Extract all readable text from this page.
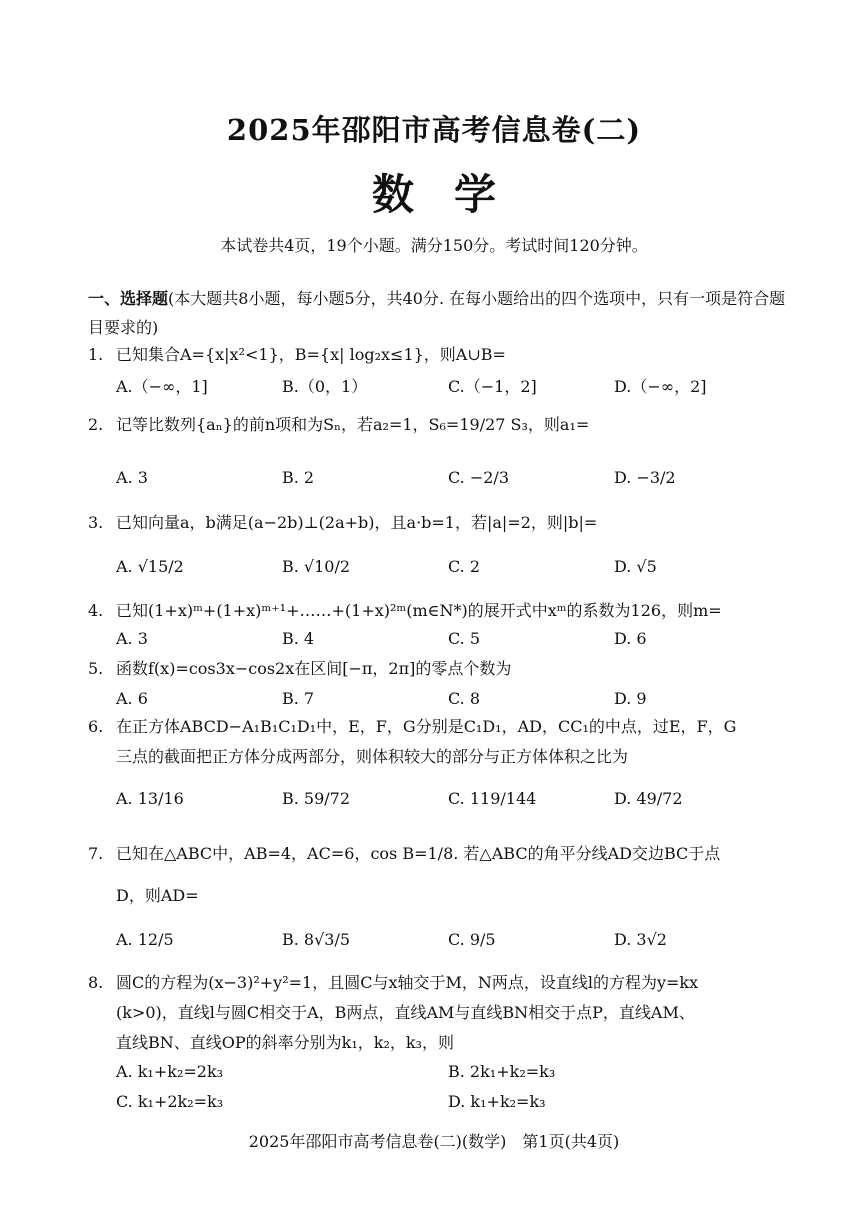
2025年邵阳市高考信息卷(二)
数学
本试卷共4页，19个小题。满分150分。考试时间120分钟。
一、选择题(本大题共8小题，每小题5分，共40分. 在每小题给出的四个选项中，只有一项是符合题目要求的)
1. 已知集合A={x|x²<1}，B={x| log₂x≤1}，则A∪B=
A.（−∞，1]	B.（0，1）	C.（−1，2]	D.（−∞，2]
2. 记等比数列{aₙ}的前n项和为Sₙ，若a₂=1，S₆=19/27 S₃，则a₁=
A. 3	B. 2	C. −2/3	D. −3/2
3. 已知向量a，b满足(a−2b)⊥(2a+b)，且a·b=1，若|a|=2，则|b|=
A. √15/2	B. √10/2	C. 2	D. √5
4. 已知(1+x)ᵐ+(1+x)ᵐ⁺¹+……+(1+x)²ᵐ(m∈N*)的展开式中xᵐ的系数为126，则m=
A. 3	B. 4	C. 5	D. 6
5. 函数f(x)=cos3x−cos2x在区间[−π，2π]的零点个数为
A. 6	B. 7	C. 8	D. 9
6. 在正方体ABCD−A₁B₁C₁D₁中，E，F，G分别是C₁D₁，AD，CC₁的中点，过E，F，G
三点的截面把正方体分成两部分，则体积较大的部分与正方体体积之比为
A. 13/16	B. 59/72	C. 119/144	D. 49/72
7. 已知在△ABC中，AB=4，AC=6，cos B=1/8. 若△ABC的角平分线AD交边BC于点
D，则AD=
A. 12/5	B. 8√3/5	C. 9/5	D. 3√2
8. 圆C的方程为(x−3)²+y²=1，且圆C与x轴交于M，N两点，设直线l的方程为y=kx
(k>0)，直线l与圆C相交于A，B两点，直线AM与直线BN相交于点P，直线AM、
直线BN、直线OP的斜率分别为k₁，k₂，k₃，则
A. k₁+k₂=2k₃	B. 2k₁+k₂=k₃
C. k₁+2k₂=k₃	D. k₁+k₂=k₃
2025年邵阳市高考信息卷(二)(数学)　第1页(共4页)
